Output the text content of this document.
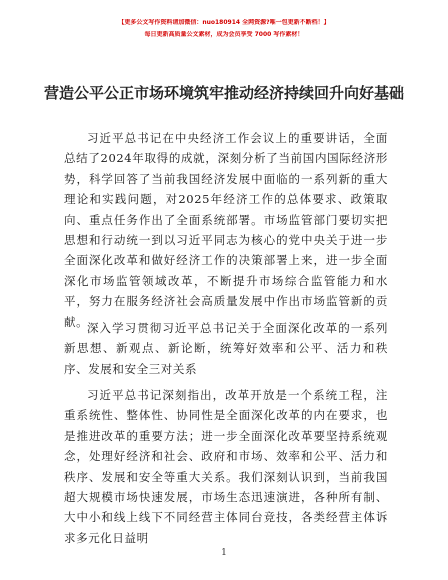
【更多公文写作资料请加微信：nuo180914 全网资源?唯一包更新不断档！】
每日更新高质量公文素材，成为会员享受 7000 写作素材！
营造公平公正市场环境筑牢推动经济持续回升向好基础

习近平总书记在中央经济工作会议上的重要讲话，全面总结了2024年取得的成就，深刻分析了当前国内国际经济形势，科学回答了当前我国经济发展中面临的一系列新的重大理论和实践问题，对2025年经济工作的总体要求、政策取向、重点任务作出了全面系统部署。市场监管部门要切实把思想和行动统一到以习近平同志为核心的党中央关于进一步全面深化改革和做好经济工作的决策部署上来，进一步全面深化市场监管领域改革，不断提升市场综合监管能力和水平，努力在服务经济社会高质量发展中作出市场监管新的贡献。

深入学习贯彻习近平总书记关于全面深化改革的一系列新思想、新观点、新论断，统筹好效率和公平、活力和秩序、发展和安全三对关系

习近平总书记深刻指出，改革开放是一个系统工程，注重系统性、整体性、协同性是全面深化改革的内在要求，也是推进改革的重要方法；进一步全面深化改革要坚持系统观念，处理好经济和社会、政府和市场、效率和公平、活力和秩序、发展和安全等重大关系。我们深刻认识到，当前我国超大规模市场快速发展，市场生态迅速演进，各种所有制、大中小和线上线下不同经营主体同台竞技，各类经营主体诉求多元化日益明

1
